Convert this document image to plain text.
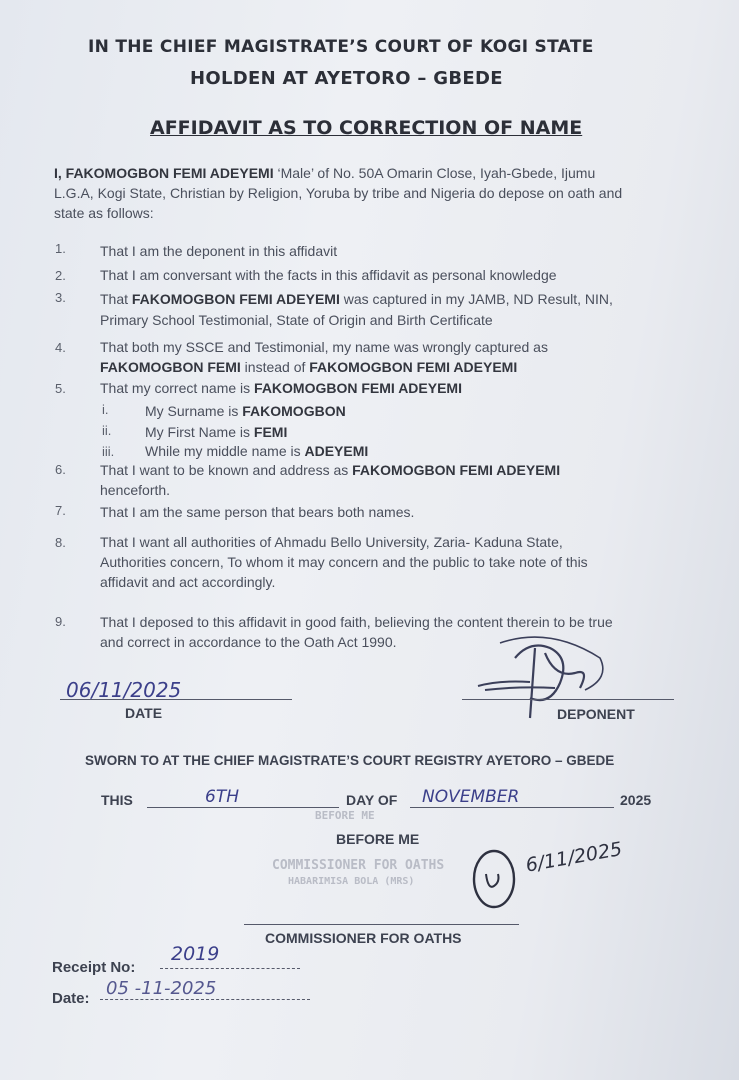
IN THE CHIEF MAGISTRATE’S COURT OF KOGI STATE
HOLDEN AT AYETORO – GBEDE
AFFIDAVIT AS TO CORRECTION OF NAME
I, FAKOMOGBON FEMI ADEYEMI ‘Male’ of No. 50A Omarin Close, Iyah-Gbede, Ijumu
L.G.A, Kogi State, Christian by Religion, Yoruba by tribe and Nigeria do depose on oath and
state as follows:
1. That I am the deponent in this affidavit
2. That I am conversant with the facts in this affidavit as personal knowledge
3. That FAKOMOGBON FEMI ADEYEMI was captured in my JAMB, ND Result, NIN,
Primary School Testimonial, State of Origin and Birth Certificate
4. That both my SSCE and Testimonial, my name was wrongly captured as
FAKOMOGBON FEMI instead of FAKOMOGBON FEMI ADEYEMI
5. That my correct name is FAKOMOGBON FEMI ADEYEMI
i.	My Surname is FAKOMOGBON
ii. My First Name is FEMI
iii. While my middle name is ADEYEMI
6. That I want to be known and address as FAKOMOGBON FEMI ADEYEMI
henceforth.
7. That I am the same person that bears both names.
8. That I want all authorities of Ahmadu Bello University, Zaria- Kaduna State,
Authorities concern, To whom it may concern and the public to take note of this
affidavit and act accordingly.
9. That I deposed to this affidavit in good faith, believing the content therein to be true
and correct in accordance to the Oath Act 1990.
06/11/2025
DATE	DEPONENT
SWORN TO AT THE CHIEF MAGISTRATE’S COURT REGISTRY AYETORO – GBEDE
THIS	6TH	DAY OF NOVEMBER	2025
BEFORE ME
BEFORE ME
COMMISSIONER FOR OATHS
HABARIMISA BOLA (MRS)
6/11/2025
COMMISSIONER FOR OATHS
Receipt No:
2019
Date: 05 -11-2025
